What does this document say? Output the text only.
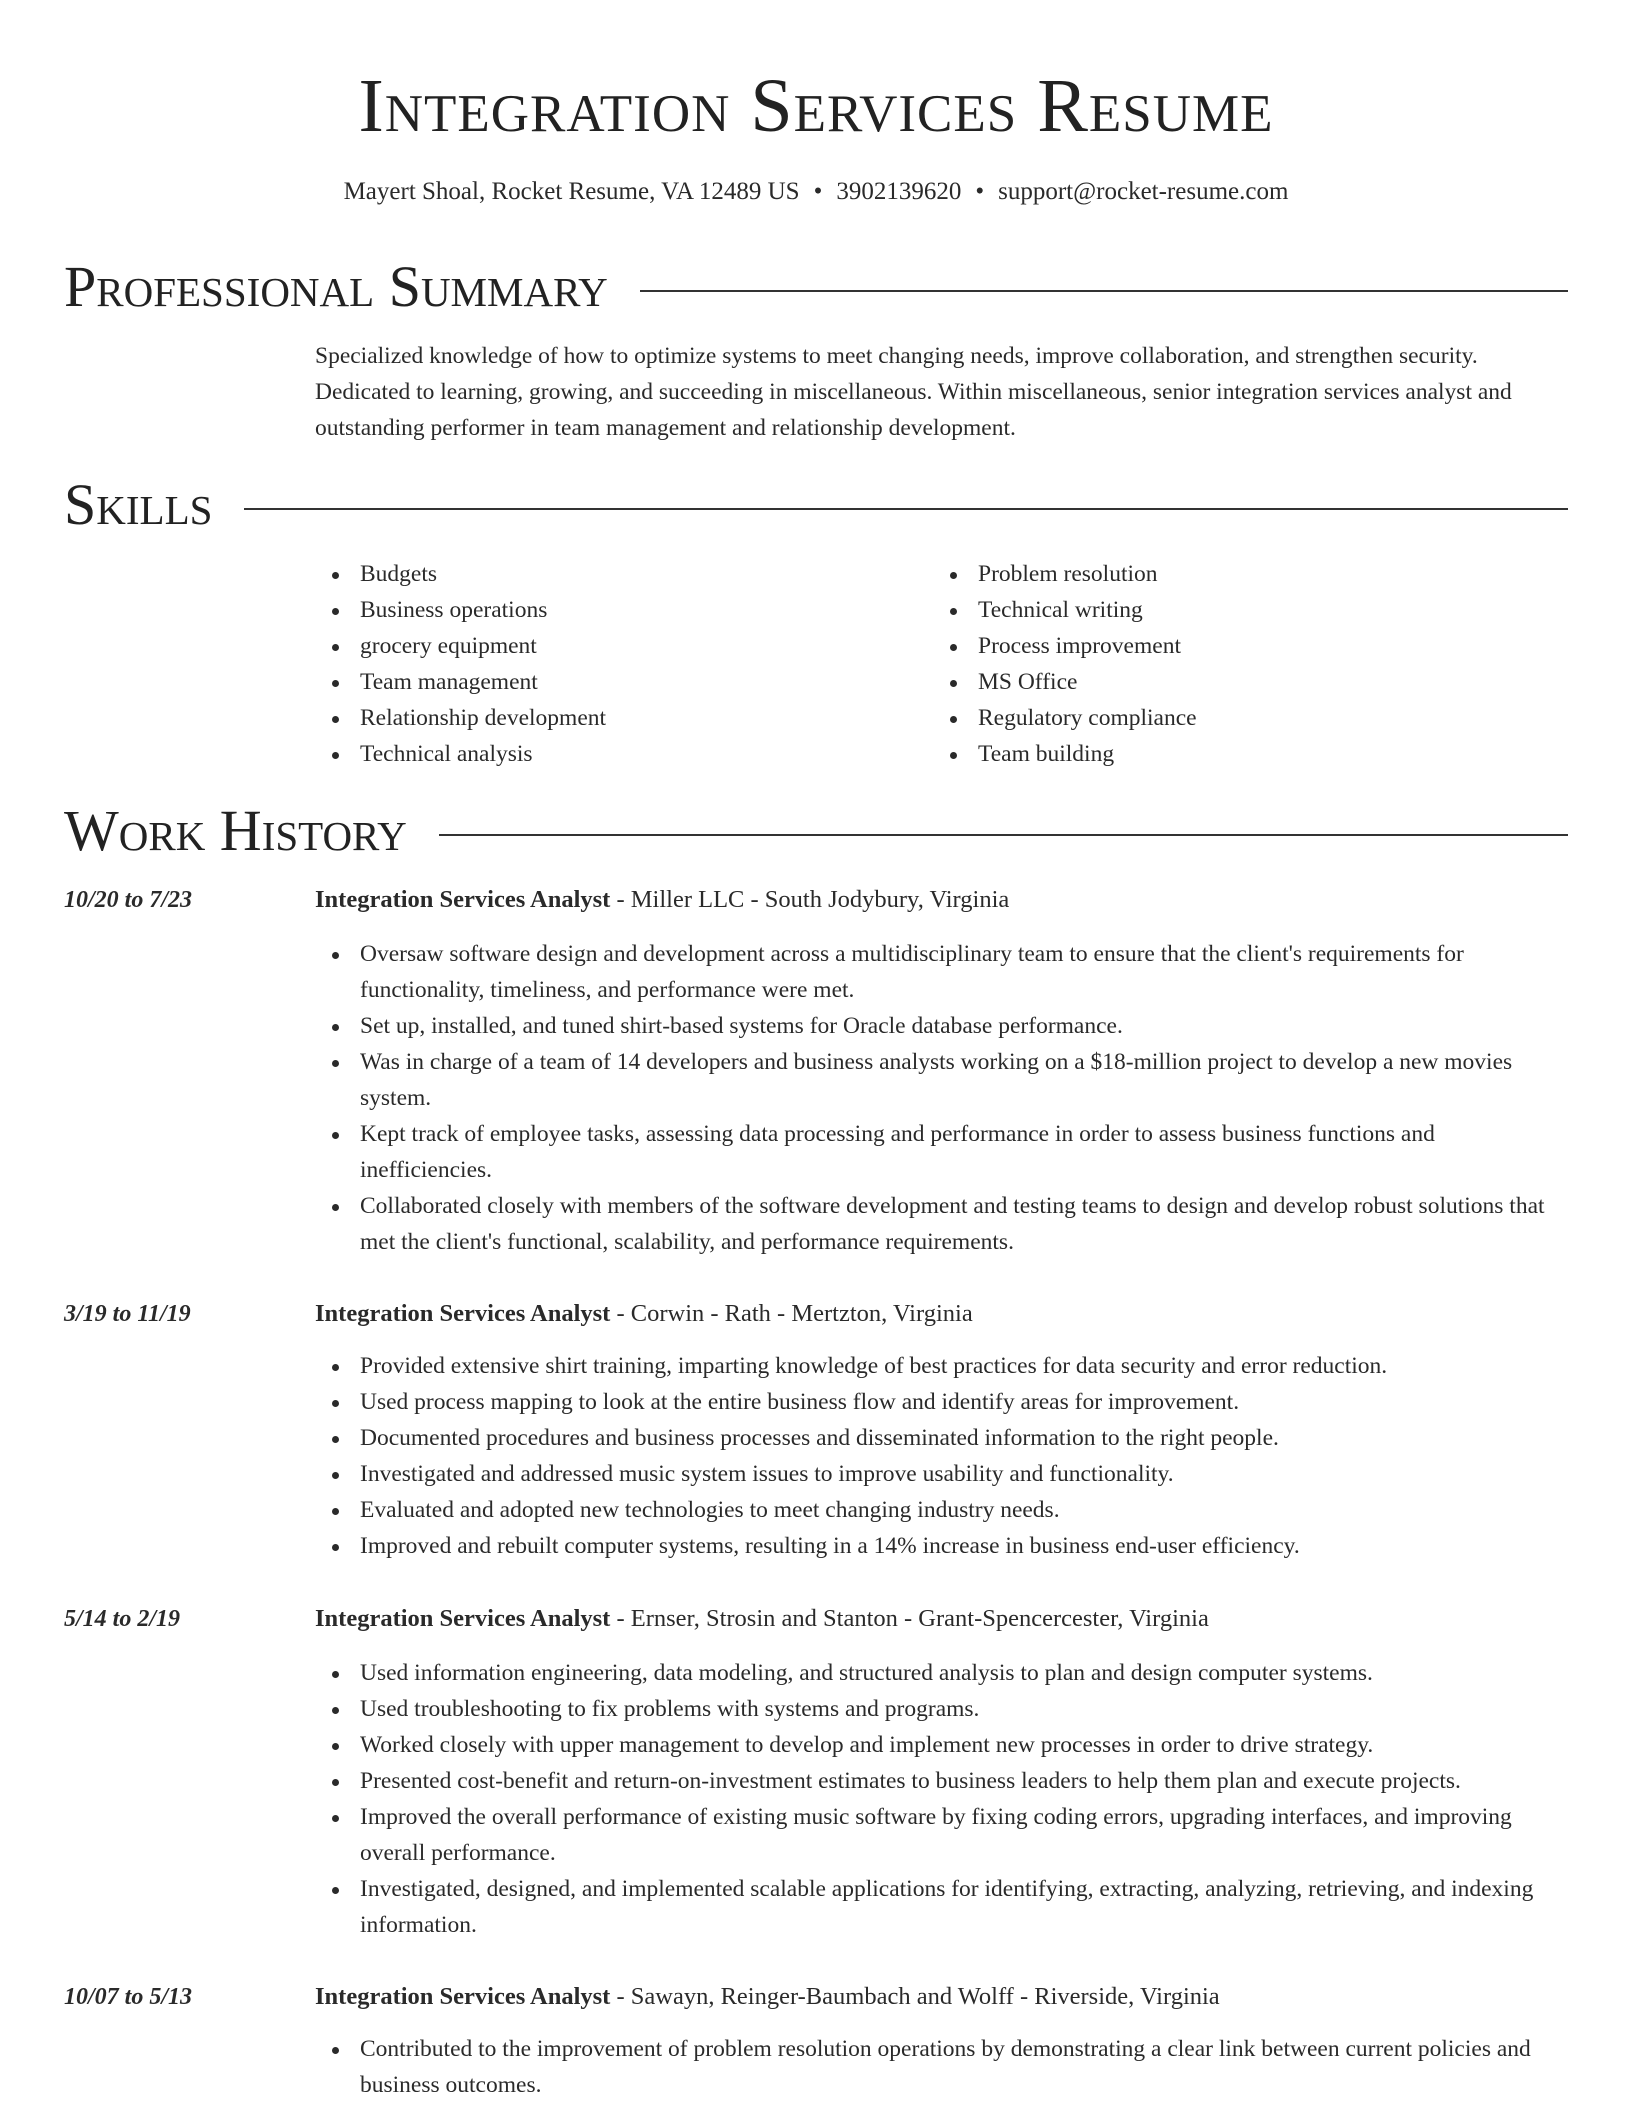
Integration Services Resume
Mayert Shoal, Rocket Resume, VA 12489 US • 3902139620 • support@rocket-resume.com
Professional Summary

Specialized knowledge of how to optimize systems to meet changing needs, improve collaboration, and strengthen security. Dedicated to learning, growing, and succeeding in miscellaneous. Within miscellaneous, senior integration services analyst and outstanding performer in team management and relationship development.

Skills
Budgets
Business operations
grocery equipment
Team management
Relationship development
Technical analysis
Problem resolution
Technical writing
Process improvement
MS Office
Regulatory compliance
Team building
Work History
10/20 to 7/23	Integration Services Analyst - Miller LLC - South Jodybury, Virginia
Oversaw software design and development across a multidisciplinary team to ensure that the client's requirements for functionality, timeliness, and performance were met.
Set up, installed, and tuned shirt-based systems for Oracle database performance.
Was in charge of a team of 14 developers and business analysts working on a $18-million project to develop a new movies system.
Kept track of employee tasks, assessing data processing and performance in order to assess business functions and inefficiencies.
Collaborated closely with members of the software development and testing teams to design and develop robust solutions that met the client's functional, scalability, and performance requirements.
3/19 to 11/19	Integration Services Analyst - Corwin - Rath - Mertzton, Virginia
Provided extensive shirt training, imparting knowledge of best practices for data security and error reduction.
Used process mapping to look at the entire business flow and identify areas for improvement.
Documented procedures and business processes and disseminated information to the right people.
Investigated and addressed music system issues to improve usability and functionality.
Evaluated and adopted new technologies to meet changing industry needs.
Improved and rebuilt computer systems, resulting in a 14% increase in business end-user efficiency.
5/14 to 2/19	Integration Services Analyst - Ernser, Strosin and Stanton - Grant-Spencercester, Virginia
Used information engineering, data modeling, and structured analysis to plan and design computer systems.
Used troubleshooting to fix problems with systems and programs.
Worked closely with upper management to develop and implement new processes in order to drive strategy.
Presented cost-benefit and return-on-investment estimates to business leaders to help them plan and execute projects.
Improved the overall performance of existing music software by fixing coding errors, upgrading interfaces, and improving overall performance.
Investigated, designed, and implemented scalable applications for identifying, extracting, analyzing, retrieving, and indexing information.
10/07 to 5/13	Integration Services Analyst - Sawayn, Reinger-Baumbach and Wolff - Riverside, Virginia
Contributed to the improvement of problem resolution operations by demonstrating a clear link between current policies and business outcomes.
